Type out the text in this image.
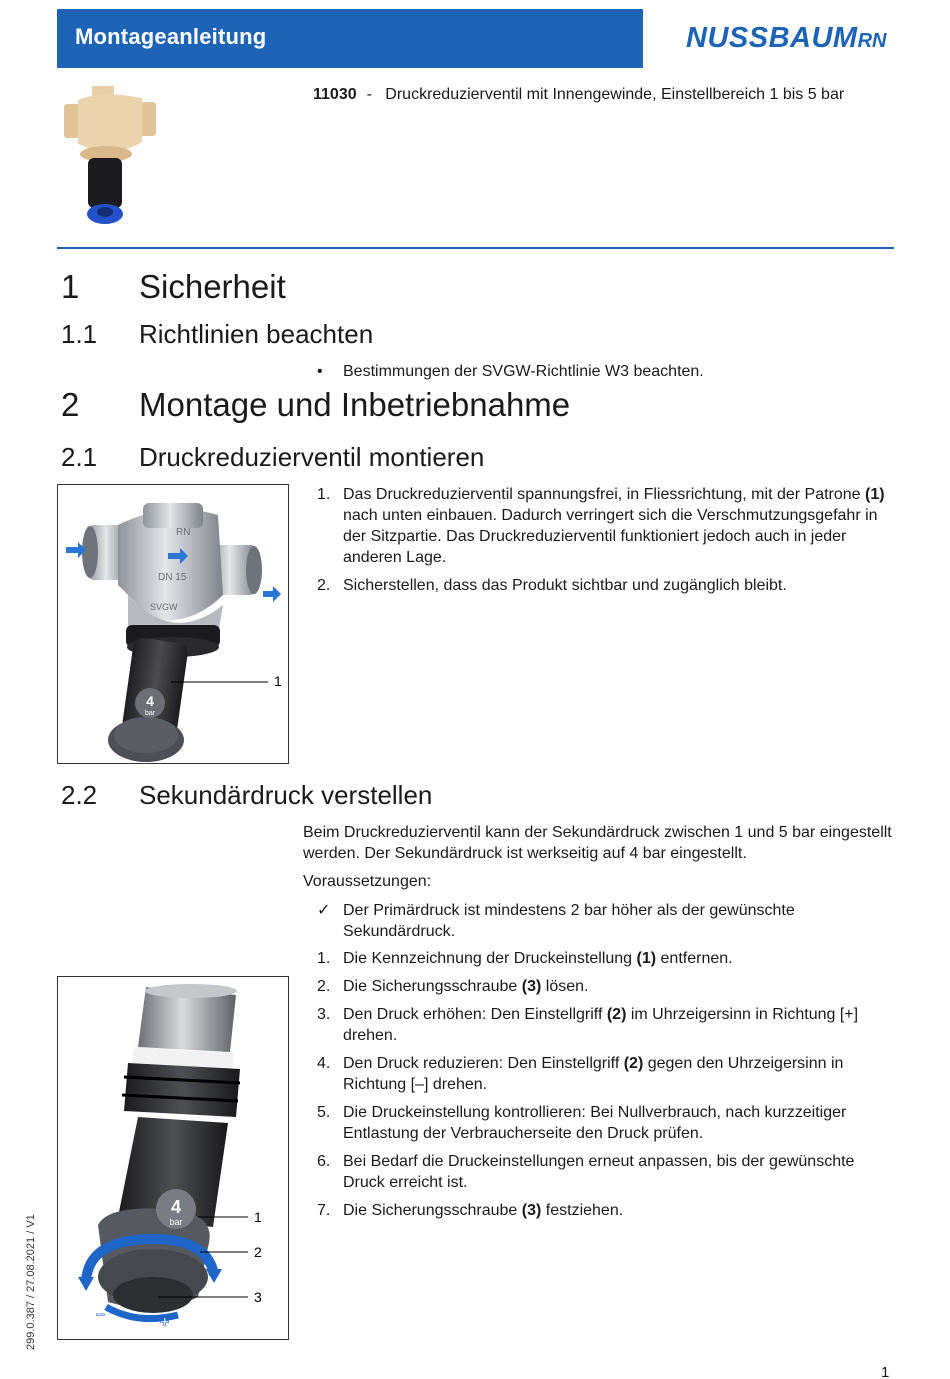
Montageanleitung	NUSSBAUMRN
11030 - Druckreduzierventil mit Innengewinde, Einstellbereich 1 bis 5 bar
1 Sicherheit
1.1 Richtlinien beachten
• Bestimmungen der SVGW-Richtlinie W3 beachten.
2 Montage und Inbetriebnahme
2.1 Druckreduzierventil montieren
4
bar
RN
DN 15
SVGW
1
1. Das Druckreduzierventil spannungsfrei, in Fliessrichtung, mit der Patrone (1) nach unten einbauen. Dadurch verringert sich die Verschmutzungsgefahr in der Sitzpartie. Das Druckreduzierventil funktioniert jedoch auch in jeder anderen Lage.
2. Sicherstellen, dass das Produkt sichtbar und zugänglich bleibt.
2.2 Sekundärdruck verstellen
Beim Druckreduzierventil kann der Sekundärdruck zwischen 1 und 5 bar eingestellt werden. Der Sekundärdruck ist werkseitig auf 4 bar eingestellt.
Voraussetzungen:
✓ Der Primärdruck ist mindestens 2 bar höher als der gewünschte Sekundärdruck.
1. Die Kennzeichnung der Druckeinstellung (1) entfernen.
2. Die Sicherungsschraube (3) lösen.
3. Den Druck erhöhen: Den Einstellgriff (2) im Uhrzeigersinn in Richtung [+] drehen.
4. Den Druck reduzieren: Den Einstellgriff (2) gegen den Uhrzeigersinn in Richtung [–] drehen.
5. Die Druckeinstellung kontrollieren: Bei Nullverbrauch, nach kurzzeitiger Entlastung der Verbraucherseite den Druck prüfen.
6. Bei Bedarf die Druckeinstellungen erneut anpassen, bis der gewünschte Druck erreicht ist.
7. Die Sicherungsschraube (3) festziehen.
4
bar
–	+
1
2
3
299.0.387 / 27.08.2021 / V1
1
